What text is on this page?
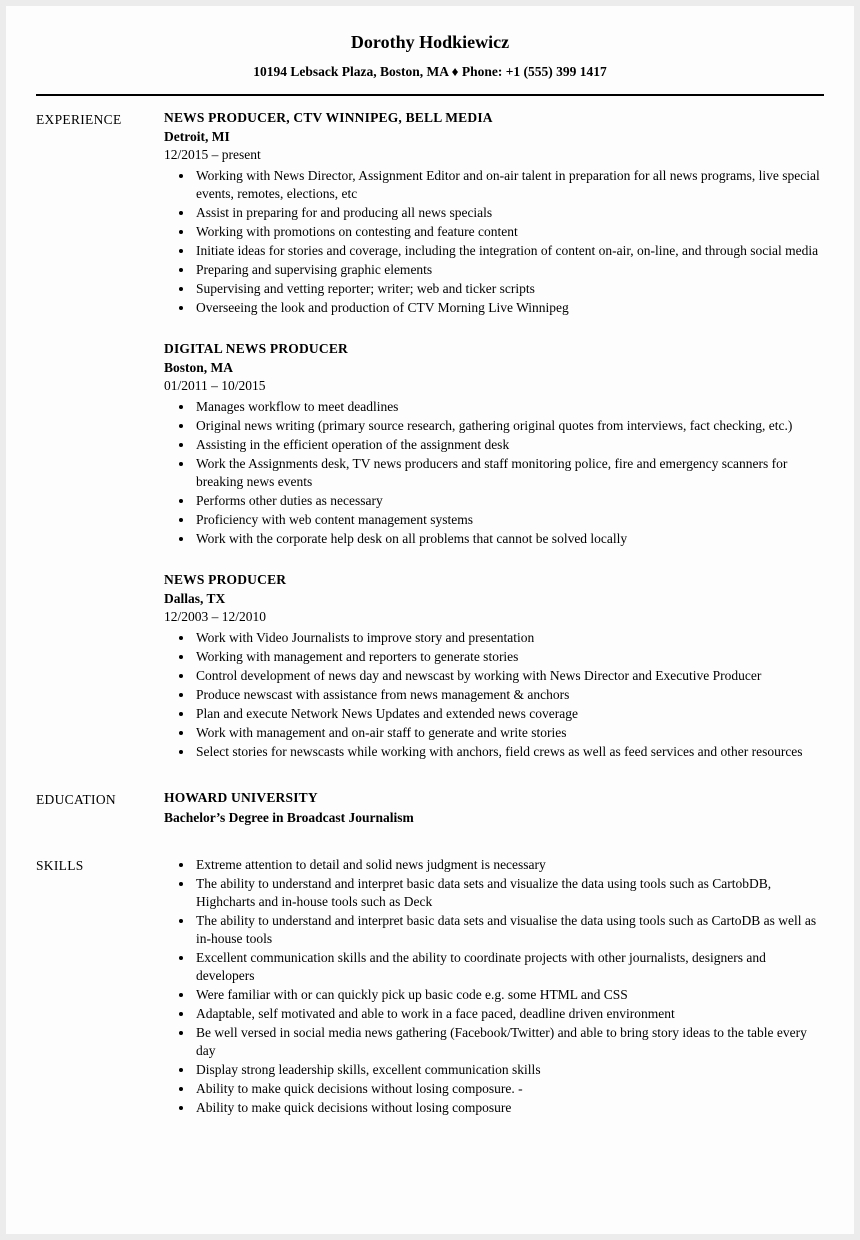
Dorothy Hodkiewicz
10194 Lebsack Plaza, Boston, MA ♦ Phone: +1 (555) 399 1417
EXPERIENCE	NEWS PRODUCER, CTV WINNIPEG, BELL MEDIA
Detroit, MI
12/2015 – present
• Working with News Director, Assignment Editor and on-air talent in preparation for all news programs, live special events, remotes, elections, etc
• Assist in preparing for and producing all news specials
• Working with promotions on contesting and feature content
• Initiate ideas for stories and coverage, including the integration of content on-air, on-line, and through social media
• Preparing and supervising graphic elements
• Supervising and vetting reporter; writer; web and ticker scripts
• Overseeing the look and production of CTV Morning Live Winnipeg
DIGITAL NEWS PRODUCER
Boston, MA
01/2011 – 10/2015
• Manages workflow to meet deadlines
• Original news writing (primary source research, gathering original quotes from interviews, fact checking, etc.)
• Assisting in the efficient operation of the assignment desk
• Work the Assignments desk, TV news producers and staff monitoring police, fire and emergency scanners for breaking news events
• Performs other duties as necessary
• Proficiency with web content management systems
• Work with the corporate help desk on all problems that cannot be solved locally
NEWS PRODUCER
Dallas, TX
12/2003 – 12/2010
• Work with Video Journalists to improve story and presentation
• Working with management and reporters to generate stories
• Control development of news day and newscast by working with News Director and Executive Producer
• Produce newscast with assistance from news management & anchors
• Plan and execute Network News Updates and extended news coverage
• Work with management and on-air staff to generate and write stories
• Select stories for newscasts while working with anchors, field crews as well as feed services and other resources
EDUCATION	HOWARD UNIVERSITY
Bachelor’s Degree in Broadcast Journalism
SKILLS	• Extreme attention to detail and solid news judgment is necessary
• The ability to understand and interpret basic data sets and visualize the data using tools such as CartobDB, Highcharts and in-house tools such as Deck
• The ability to understand and interpret basic data sets and visualise the data using tools such as CartoDB as well as in-house tools
• Excellent communication skills and the ability to coordinate projects with other journalists, designers and developers
• Were familiar with or can quickly pick up basic code e.g. some HTML and CSS
• Adaptable, self motivated and able to work in a face paced, deadline driven environment
• Be well versed in social media news gathering (Facebook/Twitter) and able to bring story ideas to the table every day
• Display strong leadership skills, excellent communication skills
• Ability to make quick decisions without losing composure. -
• Ability to make quick decisions without losing composure
